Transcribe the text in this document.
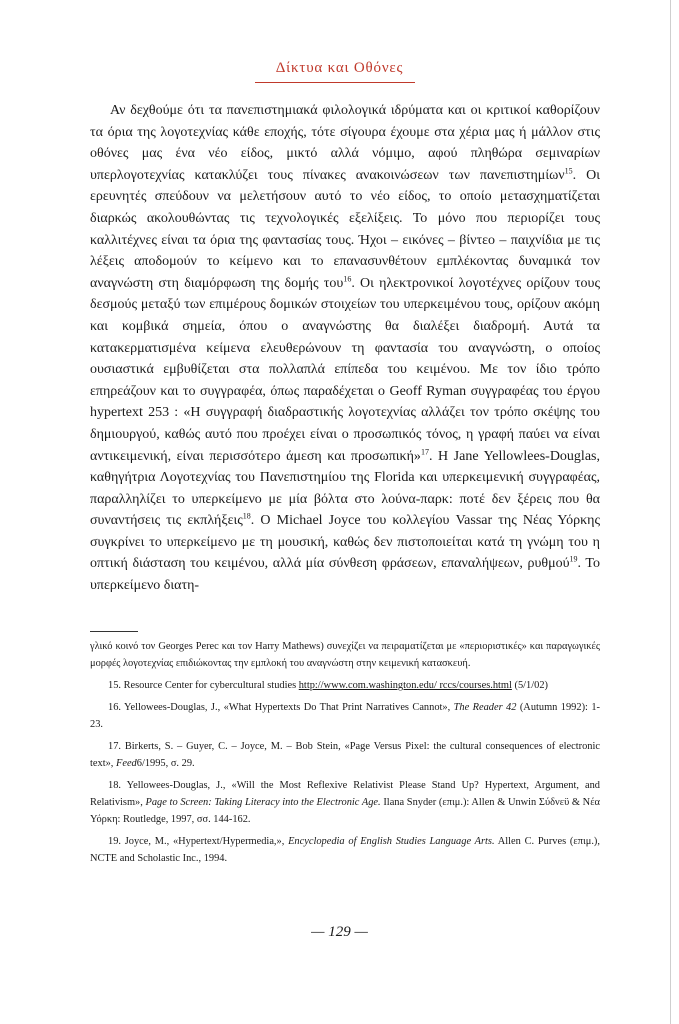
Δίκτυα και Οθόνες

Αν δεχθούμε ότι τα πανεπιστημιακά φιλολογικά ιδρύματα και οι κριτικοί καθορίζουν τα όρια της λογοτεχνίας κάθε εποχής, τότε σίγουρα έχουμε στα χέρια μας ή μάλλον στις οθόνες μας ένα νέο είδος, μικτό αλλά νόμιμο, αφού πληθώρα σεμιναρίων υπερλογοτεχνίας κατακλύζει τους πίνακες ανακοινώσεων των πανεπιστημίων$^{15}$. Οι ερευνητές σπεύδουν να μελετήσουν αυτό το νέο είδος, το οποίο μετασχηματίζεται διαρκώς ακολουθώντας τις τεχνολογικές εξελίξεις. Το μόνο που περιορίζει τους καλλιτέχνες είναι τα όρια της φαντασίας τους. Ήχοι – εικόνες – βίντεο – παιχνίδια με τις λέξεις αποδομούν το κείμενο και το επανασυνθέτουν εμπλέκοντας δυναμικά τον αναγνώστη στη διαμόρφωση της δομής του$^{16}$. Οι ηλεκτρονικοί λογοτέχνες ορίζουν τους δεσμούς μεταξύ των επιμέρους δομικών στοιχείων του υπερκειμένου τους, ορίζουν ακόμη και κομβικά σημεία, όπου ο αναγνώστης θα διαλέξει διαδρομή. Αυτά τα κατακερματισμένα κείμενα ελευθερώνουν τη φαντασία του αναγνώστη, ο οποίος ουσιαστικά εμβυθίζεται στα πολλαπλά επίπεδα του κειμένου. Με τον ίδιο τρόπο επηρεάζουν και το συγγραφέα, όπως παραδέχεται ο Geoff Ryman συγγραφέας του έργου hypertext 253 : «Η συγγραφή διαδραστικής λογοτεχνίας αλλάζει τον τρόπο σκέψης του δημιουργού, καθώς αυτό που προέχει είναι ο προσωπικός τόνος, η γραφή παύει να είναι αντικειμενική, είναι περισσότερο άμεση και προσωπική»$^{17}$. Η Jane Yellowlees-Douglas, καθηγήτρια Λογοτεχνίας του Πανεπιστημίου της Florida και υπερκειμενική συγγραφέας, παραλληλίζει το υπερκείμενο με μία βόλτα στο λούνα-παρκ: ποτέ δεν ξέρεις που θα συναντήσεις τις εκπλήξεις$^{18}$. Ο Michael Joyce του κολλεγίου Vassar της Νέας Υόρκης συγκρίνει το υπερκείμενο με τη μουσική, καθώς δεν πιστοποιείται κατά τη γνώμη του η οπτική διάσταση του κειμένου, αλλά μία σύνθεση φράσεων, επαναλήψεων, ρυθμού$^{19}$. Το υπερκείμενο διατη-

γλικό κοινό τον Georges Perec και τον Harry Mathews) συνεχίζει να πειραματίζεται με «περιοριστικές» και παραγωγικές μορφές λογοτεχνίας επιδιώκοντας την εμπλοκή του αναγνώστη στην κειμενική κατασκευή.

15. Resource Center for cybercultural studies http://www.com.washington.edu/ rccs/courses.html (5/1/02)

16. Yellowees-Douglas, J., «What Hypertexts Do That Print Narratives Cannot», The Reader 42 (Autumn 1992): 1-23.

17. Birkerts, S. – Guyer, C. – Joyce, M. – Bob Stein, «Page Versus Pixel: the cultural consequences of electronic text», Feed6/1995, σ. 29.

18. Yellowees-Douglas, J., «Will the Most Reflexive Relativist Please Stand Up? Hypertext, Argument, and Relativism», Page to Screen: Taking Literacy into the Electronic Age. Ilana Snyder (επιμ.): Allen & Unwin Σύδνεϋ & Νέα Υόρκη: Routledge, 1997, σσ. 144-162.

19. Joyce, M., «Hypertext/Hypermedia,», Encyclopedia of English Studies Language Arts. Allen C. Purves (επιμ.), NCTE and Scholastic Inc., 1994.

— 129 —
